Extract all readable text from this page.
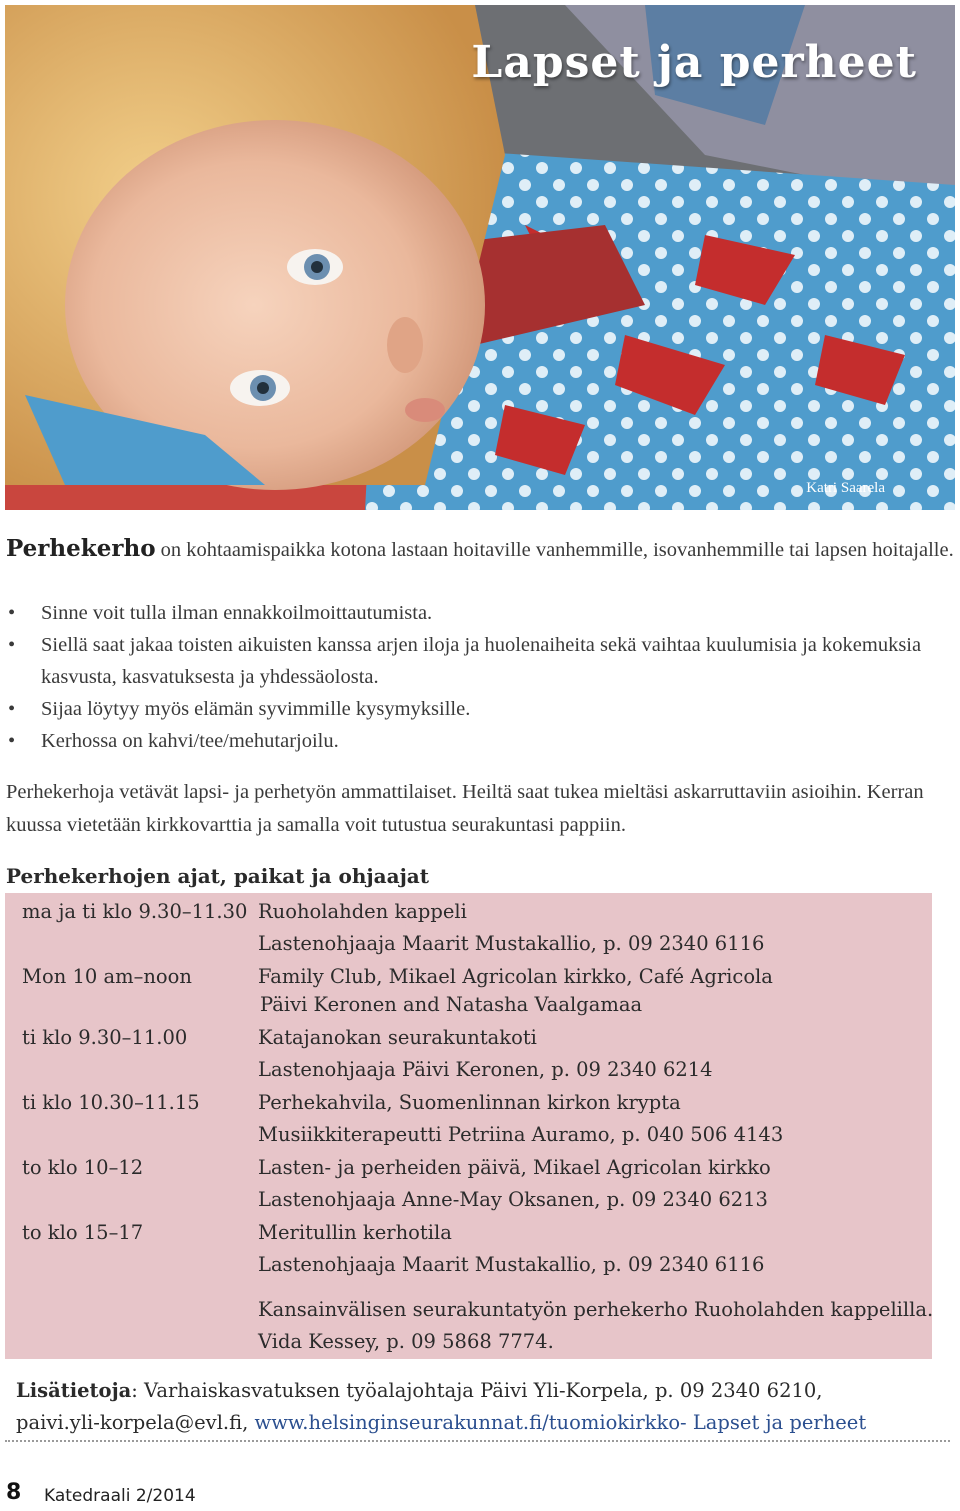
Lapset ja perheet
Katri Saarela
Perhekerho on kohtaamispaikka kotona lastaan hoitaville vanhemmille, isovanhemmille tai lapsen hoitajalle.
• Sinne voit tulla ilman ennakkoilmoittautumista.
• Siellä saat jakaa toisten aikuisten kanssa arjen iloja ja huolenaiheita sekä vaihtaa kuulumisia ja kokemuksia kasvusta, kasvatuksesta ja yhdessäolosta.
• Sijaa löytyy myös elämän syvimmille kysymyksille.
• Kerhossa on kahvi/tee/mehutarjoilu.
Perhekerhoja vetävät lapsi- ja perhetyön ammattilaiset. Heiltä saat tukea mieltäsi askarruttaviin asioihin. Kerran kuussa vietetään kirkkovarttia ja samalla voit tutustua seurakuntasi pappiin.
Perhekerhojen ajat, paikat ja ohjaajat
ma ja ti klo 9.30–11.30 Ruoholahden kappeli
Lastenohjaaja Maarit Mustakallio, p. 09 2340 6116
Mon 10 am–noon	Family Club, Mikael Agricolan kirkko, Café Agricola
Päivi Keronen and Natasha Vaalgamaa
ti klo 9.30–11.00	Katajanokan seurakuntakoti
Lastenohjaaja Päivi Keronen, p. 09 2340 6214
ti klo 10.30–11.15	Perhekahvila, Suomenlinnan kirkon krypta
Musiikkiterapeutti Petriina Auramo, p. 040 506 4143
to klo 10–12	Lasten- ja perheiden päivä, Mikael Agricolan kirkko
Lastenohjaaja Anne-May Oksanen, p. 09 2340 6213
to klo 15–17	Meritullin kerhotila
Lastenohjaaja Maarit Mustakallio, p. 09 2340 6116
Kansainvälisen seurakuntatyön perhekerho Ruoholahden kappelilla.
Vida Kessey, p. 09 5868 7774.
Lisätietoja: Varhaiskasvatuksen työalajohtaja Päivi Yli-Korpela, p. 09 2340 6210,
paivi.yli-korpela@evl.fi, www.helsinginseurakunnat.fi/tuomiokirkko- Lapset ja perheet
8 Katedraali 2/2014
